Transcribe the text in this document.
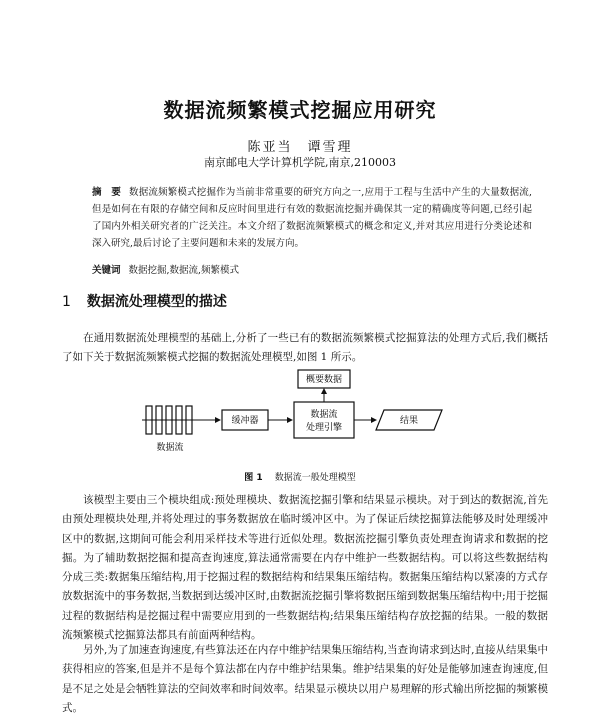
数据流频繁模式挖掘应用研究
陈亚当　谭雪理
南京邮电大学计算机学院,南京,210003
摘　要 数据流频繁模式挖掘作为当前非常重要的研究方向之一,应用于工程与生活中产生的大量数据流,但是如何在有限的存储空间和反应时间里进行有效的数据流挖掘并确保其一定的精确度等问题,已经引起了国内外相关研究者的广泛关注。本文介绍了数据流频繁模式的概念和定义,并对其应用进行分类论述和深入研究,最后讨论了主要问题和未来的发展方向。
关键词 数据挖掘,数据流,频繁模式
1 数据流处理模型的描述
在通用数据流处理模型的基础上,分析了一些已有的数据流频繁模式挖掘算法的处理方式后,我们概括了如下关于数据流频繁模式挖掘的数据流处理模型,如图 1 所示。
缓冲器
数据流
处理引擎
概要数据
结果
数据流
图 1 数据流一般处理模型
该模型主要由三个模块组成:预处理模块、数据流挖掘引擎和结果显示模块。对于到达的数据流,首先由预处理模块处理,并将处理过的事务数据放在临时缓冲区中。为了保证后续挖掘算法能够及时处理缓冲区中的数据,这期间可能会利用采样技术等进行近似处理。数据流挖掘引擎负责处理查询请求和数据的挖掘。为了辅助数据挖掘和提高查询速度,算法通常需要在内存中维护一些数据结构。可以将这些数据结构分成三类:数据集压缩结构,用于挖掘过程的数据结构和结果集压缩结构。数据集压缩结构以紧凑的方式存放数据流中的事务数据,当数据到达缓冲区时,由数据流挖掘引擎将数据压缩到数据集压缩结构中;用于挖掘过程的数据结构是挖掘过程中需要应用到的一些数据结构;结果集压缩结构存放挖掘的结果。一般的数据流频繁模式挖掘算法都具有前面两种结构。
另外,为了加速查询速度,有些算法还在内存中维护结果集压缩结构,当查询请求到达时,直接从结果集中获得相应的答案,但是并不是每个算法都在内存中维护结果集。维护结果集的好处是能够加速查询速度,但是不足之处是会牺牲算法的空间效率和时间效率。结果显示模块以用户易理解的形式输出所挖掘的频繁模式。
